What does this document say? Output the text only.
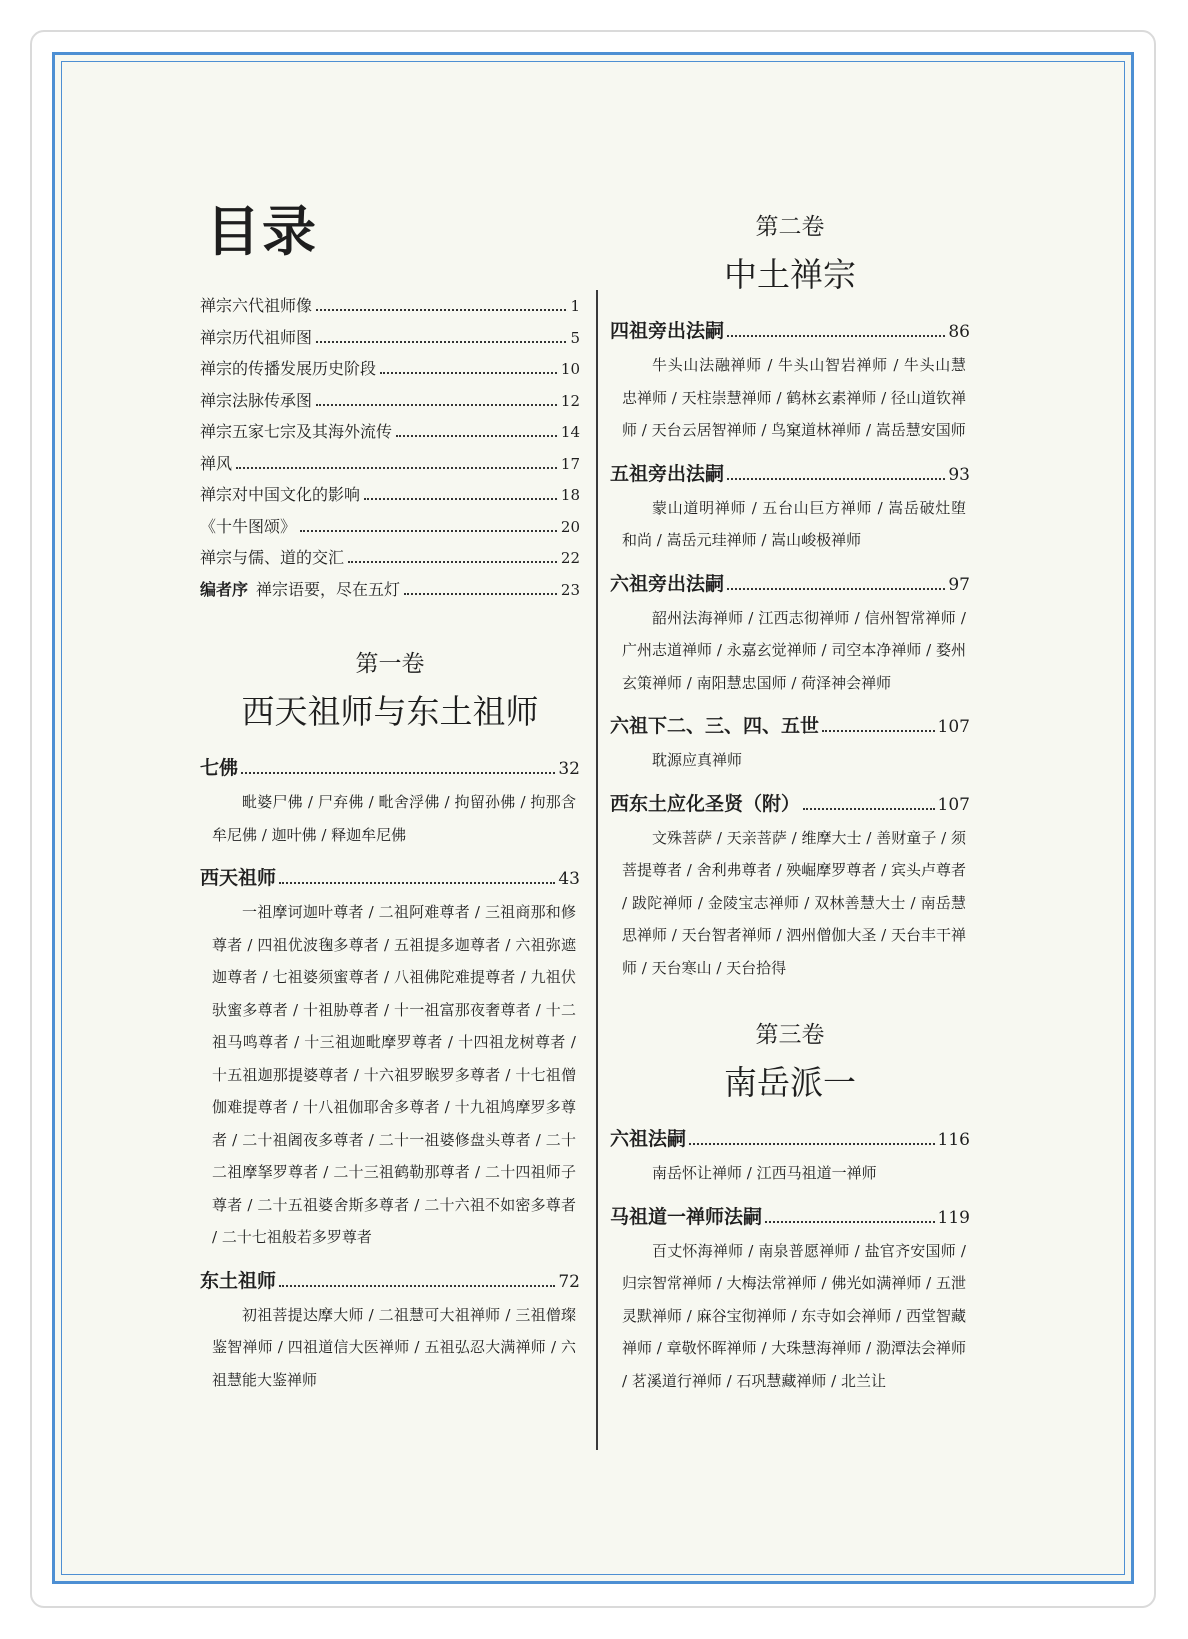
目录
禅宗六代祖师像	1
禅宗历代祖师图	5
禅宗的传播发展历史阶段	10
禅宗法脉传承图	12
禅宗五家七宗及其海外流传	14
禅风	17
禅宗对中国文化的影响	18
《十牛图颂》	20
禅宗与儒、道的交汇	22
编者序 禅宗语要，尽在五灯	23
第一卷
西天祖师与东土祖师
七佛	32
毗婆尸佛 / 尸弃佛 / 毗舍浮佛 / 拘留孙佛 / 拘那含牟尼佛 / 迦叶佛 / 释迦牟尼佛
西天祖师	43
一祖摩诃迦叶尊者 / 二祖阿难尊者 / 三祖商那和修尊者 / 四祖优波毱多尊者 / 五祖提多迦尊者 / 六祖弥遮迦尊者 / 七祖婆须蜜尊者 / 八祖佛陀难提尊者 / 九祖伏驮蜜多尊者 / 十祖胁尊者 / 十一祖富那夜奢尊者 / 十二祖马鸣尊者 / 十三祖迦毗摩罗尊者 / 十四祖龙树尊者 / 十五祖迦那提婆尊者 / 十六祖罗睺罗多尊者 / 十七祖僧伽难提尊者 / 十八祖伽耶舍多尊者 / 十九祖鸠摩罗多尊者 / 二十祖阇夜多尊者 / 二十一祖婆修盘头尊者 / 二十二祖摩拏罗尊者 / 二十三祖鹤勒那尊者 / 二十四祖师子尊者 / 二十五祖婆舍斯多尊者 / 二十六祖不如密多尊者 / 二十七祖般若多罗尊者
东土祖师	72
初祖菩提达摩大师 / 二祖慧可大祖禅师 / 三祖僧璨鉴智禅师 / 四祖道信大医禅师 / 五祖弘忍大满禅师 / 六祖慧能大鉴禅师
第二卷
中土禅宗
四祖旁出法嗣	86
牛头山法融禅师 / 牛头山智岩禅师 / 牛头山慧忠禅师 / 天柱崇慧禅师 / 鹤林玄素禅师 / 径山道钦禅师 / 天台云居智禅师 / 鸟窠道林禅师 / 嵩岳慧安国师
五祖旁出法嗣	93
蒙山道明禅师 / 五台山巨方禅师 / 嵩岳破灶堕和尚 / 嵩岳元珪禅师 / 嵩山峻极禅师
六祖旁出法嗣	97
韶州法海禅师 / 江西志彻禅师 / 信州智常禅师 / 广州志道禅师 / 永嘉玄觉禅师 / 司空本净禅师 / 婺州玄策禅师 / 南阳慧忠国师 / 荷泽神会禅师
六祖下二、三、四、五世	107
耽源应真禅师
西东土应化圣贤（附）	107
文殊菩萨 / 天亲菩萨 / 维摩大士 / 善财童子 / 须菩提尊者 / 舍利弗尊者 / 殃崛摩罗尊者 / 宾头卢尊者 / 跋陀禅师 / 金陵宝志禅师 / 双林善慧大士 / 南岳慧思禅师 / 天台智者禅师 / 泗州僧伽大圣 / 天台丰干禅师 / 天台寒山 / 天台拾得
第三卷
南岳派一
六祖法嗣	116
南岳怀让禅师 / 江西马祖道一禅师
马祖道一禅师法嗣	119
百丈怀海禅师 / 南泉普愿禅师 / 盐官齐安国师 / 归宗智常禅师 / 大梅法常禅师 / 佛光如满禅师 / 五泄灵默禅师 / 麻谷宝彻禅师 / 东寺如会禅师 / 西堂智藏禅师 / 章敬怀晖禅师 / 大珠慧海禅师 / 泐潭法会禅师 / 茗溪道行禅师 / 石巩慧藏禅师 / 北兰让
